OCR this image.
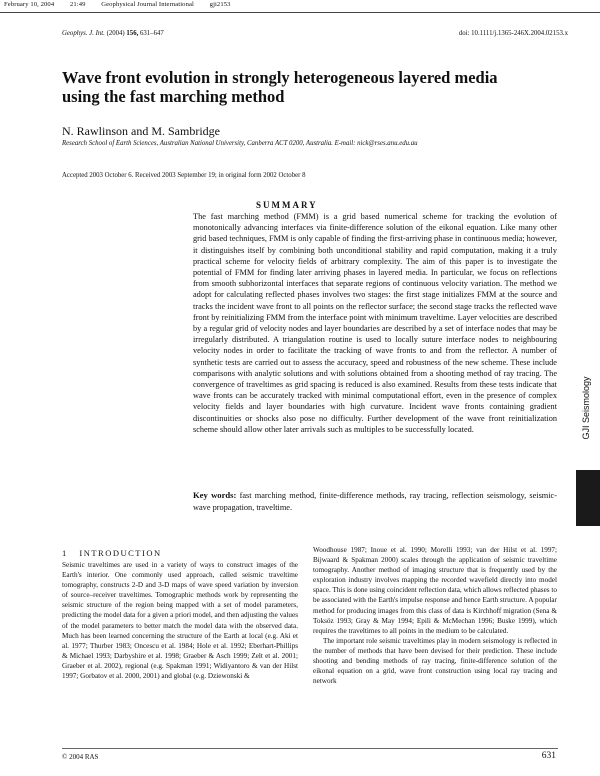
February 10, 2004 21:49 Geophysical Journal International gji2153
Geophys. J. Int. (2004) 156, 631–647	doi: 10.1111/j.1365-246X.2004.02153.x
Wave front evolution in strongly heterogeneous layered media using the fast marching method
N. Rawlinson and M. Sambridge
Research School of Earth Sciences, Australian National University, Canberra ACT 0200, Australia. E-mail: nick@rses.anu.edu.au
Accepted 2003 October 6. Received 2003 September 19; in original form 2002 October 8
SUMMARY

The fast marching method (FMM) is a grid based numerical scheme for tracking the evolution of monotonically advancing interfaces via finite-difference solution of the eikonal equation. Like many other grid based techniques, FMM is only capable of finding the first-arriving phase in continuous media; however, it distinguishes itself by combining both unconditional stability and rapid computation, making it a truly practical scheme for velocity fields of arbitrary complexity. The aim of this paper is to investigate the potential of FMM for finding later arriving phases in layered media. In particular, we focus on reflections from smooth subhorizontal interfaces that separate regions of continuous velocity variation. The method we adopt for calculating reflected phases involves two stages: the first stage initializes FMM at the source and tracks the incident wave front to all points on the reflector surface; the second stage tracks the reflected wave front by reinitializing FMM from the interface point with minimum traveltime. Layer velocities are described by a regular grid of velocity nodes and layer boundaries are described by a set of interface nodes that may be irregularly distributed. A triangulation routine is used to locally suture interface nodes to neighbouring velocity nodes in order to facilitate the tracking of wave fronts to and from the reflector. A number of synthetic tests are carried out to assess the accuracy, speed and robustness of the new scheme. These include comparisons with analytic solutions and with solutions obtained from a shooting method of ray tracing. The convergence of traveltimes as grid spacing is reduced is also examined. Results from these tests indicate that wave fronts can be accurately tracked with minimal computational effort, even in the presence of complex velocity fields and layer boundaries with high curvature. Incident wave fronts containing gradient discontinuities or shocks also pose no difficulty. Further development of the wave front reinitialization scheme should allow other later arrivals such as multiples to be successfully located.

Key words: fast marching method, finite-difference methods, ray tracing, reflection seismology, seismic-wave propagation, traveltime.
GJI Seismology
1 INTRODUCTION

Seismic traveltimes are used in a variety of ways to construct images of the Earth's interior. One commonly used approach, called seismic traveltime tomography, constructs 2-D and 3-D maps of wave speed variation by inversion of source–receiver traveltimes. Tomographic methods work by representing the seismic structure of the region being mapped with a set of model parameters, predicting the model data for a given a priori model, and then adjusting the values of the model parameters to better match the model data with the observed data. Much has been learned concerning the structure of the Earth at local (e.g. Aki et al. 1977; Thurber 1983; Oncescu et al. 1984; Hole et al. 1992; Eberhart-Phillips & Michael 1993; Darbyshire et al. 1998; Graeber & Asch 1999; Zelt et al. 2001; Graeber et al. 2002), regional (e.g. Spakman 1991; Widiyantoro & van der Hilst 1997; Gorbatov et al. 2000, 2001) and global (e.g. Dziewonski &

Woodhouse 1987; Inoue et al. 1990; Morelli 1993; van der Hilst et al. 1997; Bijwaard & Spakman 2000) scales through the application of seismic traveltime tomography. Another method of imaging structure that is frequently used by the exploration industry involves mapping the recorded wavefield directly into model space. This is done using coincident reflection data, which allows reflected phases to be associated with the Earth's impulse response and hence Earth structure. A popular method for producing images from this class of data is Kirchhoff migration (Sena & Toksöz 1993; Gray & May 1994; Epili & McMechan 1996; Buske 1999), which requires the traveltimes to all points in the medium to be calculated.

The important role seismic traveltimes play in modern seismology is reflected in the number of methods that have been devised for their prediction. These include shooting and bending methods of ray tracing, finite-difference solution of the eikonal equation on a grid, wave front construction using local ray tracing and network

© 2004 RAS	631
